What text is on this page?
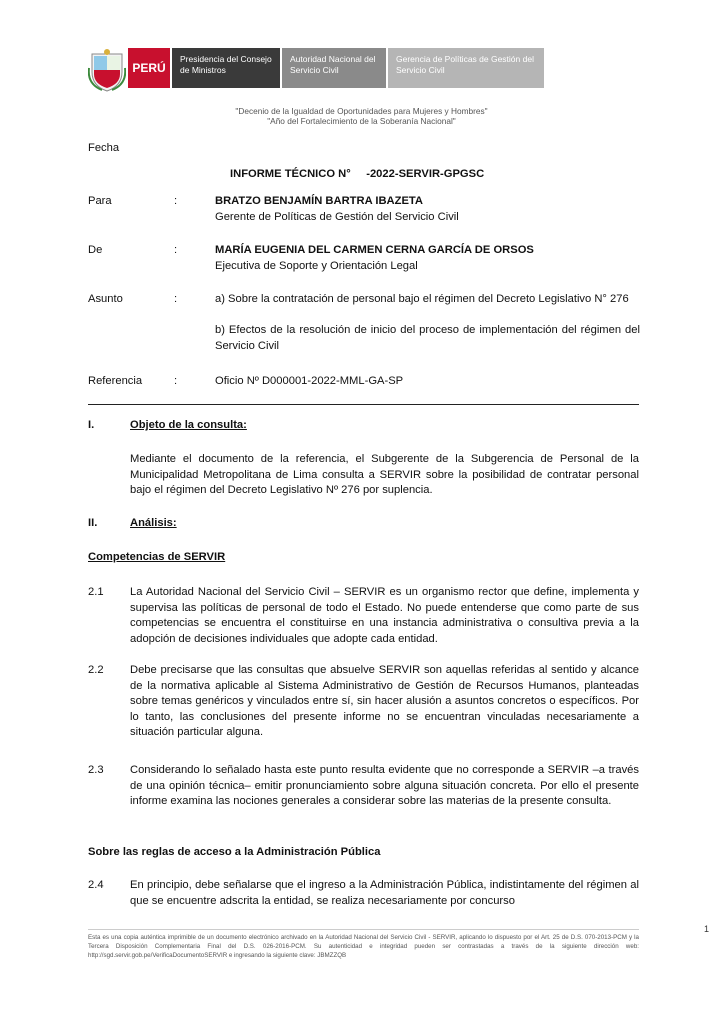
PERÚ
Presidencia del Consejo de Ministros
Autoridad Nacional del Servicio Civil
Gerencia de Políticas de Gestión del Servicio Civil
"Decenio de la Igualdad de Oportunidades para Mujeres y Hombres"
"Año del Fortalecimiento de la Soberanía Nacional"
Fecha
INFORME TÉCNICO N°     -2022-SERVIR-GPGSC
Para	:	BRATZO BENJAMÍN BARTRA IBAZETA
Gerente de Políticas de Gestión del Servicio Civil
De	:	MARÍA EUGENIA DEL CARMEN CERNA GARCÍA DE ORSOS
Ejecutiva de Soporte y Orientación Legal
Asunto	:	a) Sobre la contratación de personal bajo el régimen del Decreto Legislativo N° 276
b) Efectos de la resolución de inicio del proceso de implementación del régimen del Servicio Civil
Referencia	:	Oficio Nº D000001-2022-MML-GA-SP
I.	Objeto de la consulta:
Mediante el documento de la referencia, el Subgerente de la Subgerencia de Personal de la Municipalidad Metropolitana de Lima consulta a SERVIR sobre la posibilidad de contratar personal bajo el régimen del Decreto Legislativo Nº 276 por suplencia.
II.	Análisis:
Competencias de SERVIR
2.1 La Autoridad Nacional del Servicio Civil – SERVIR es un organismo rector que define, implementa y supervisa las políticas de personal de todo el Estado. No puede entenderse que como parte de sus competencias se encuentra el constituirse en una instancia administrativa o consultiva previa a la adopción de decisiones individuales que adopte cada entidad.
2.2 Debe precisarse que las consultas que absuelve SERVIR son aquellas referidas al sentido y alcance de la normativa aplicable al Sistema Administrativo de Gestión de Recursos Humanos, planteadas sobre temas genéricos y vinculados entre sí, sin hacer alusión a asuntos concretos o específicos. Por lo tanto, las conclusiones del presente informe no se encuentran vinculadas necesariamente a situación particular alguna.
2.3 Considerando lo señalado hasta este punto resulta evidente que no corresponde a SERVIR –a través de una opinión técnica– emitir pronunciamiento sobre alguna situación concreta. Por ello el presente informe examina las nociones generales a considerar sobre las materias de la presente consulta.
Sobre las reglas de acceso a la Administración Pública
2.4 En principio, debe señalarse que el ingreso a la Administración Pública, indistintamente del régimen al que se encuentre adscrita la entidad, se realiza necesariamente por concurso
Esta es una copia auténtica imprimible de un documento electrónico archivado en la Autoridad Nacional del Servicio Civil - SERVIR, aplicando lo dispuesto por el Art. 25 de D.S. 070-2013-PCM y la Tercera Disposición Complementaria Final del D.S. 026-2016-PCM. Su autenticidad e integridad pueden ser contrastadas a través de la siguiente dirección web: http://sgd.servir.gob.pe/VerificaDocumentoSERVIR e ingresando la siguiente clave: JBMZZQB
1
